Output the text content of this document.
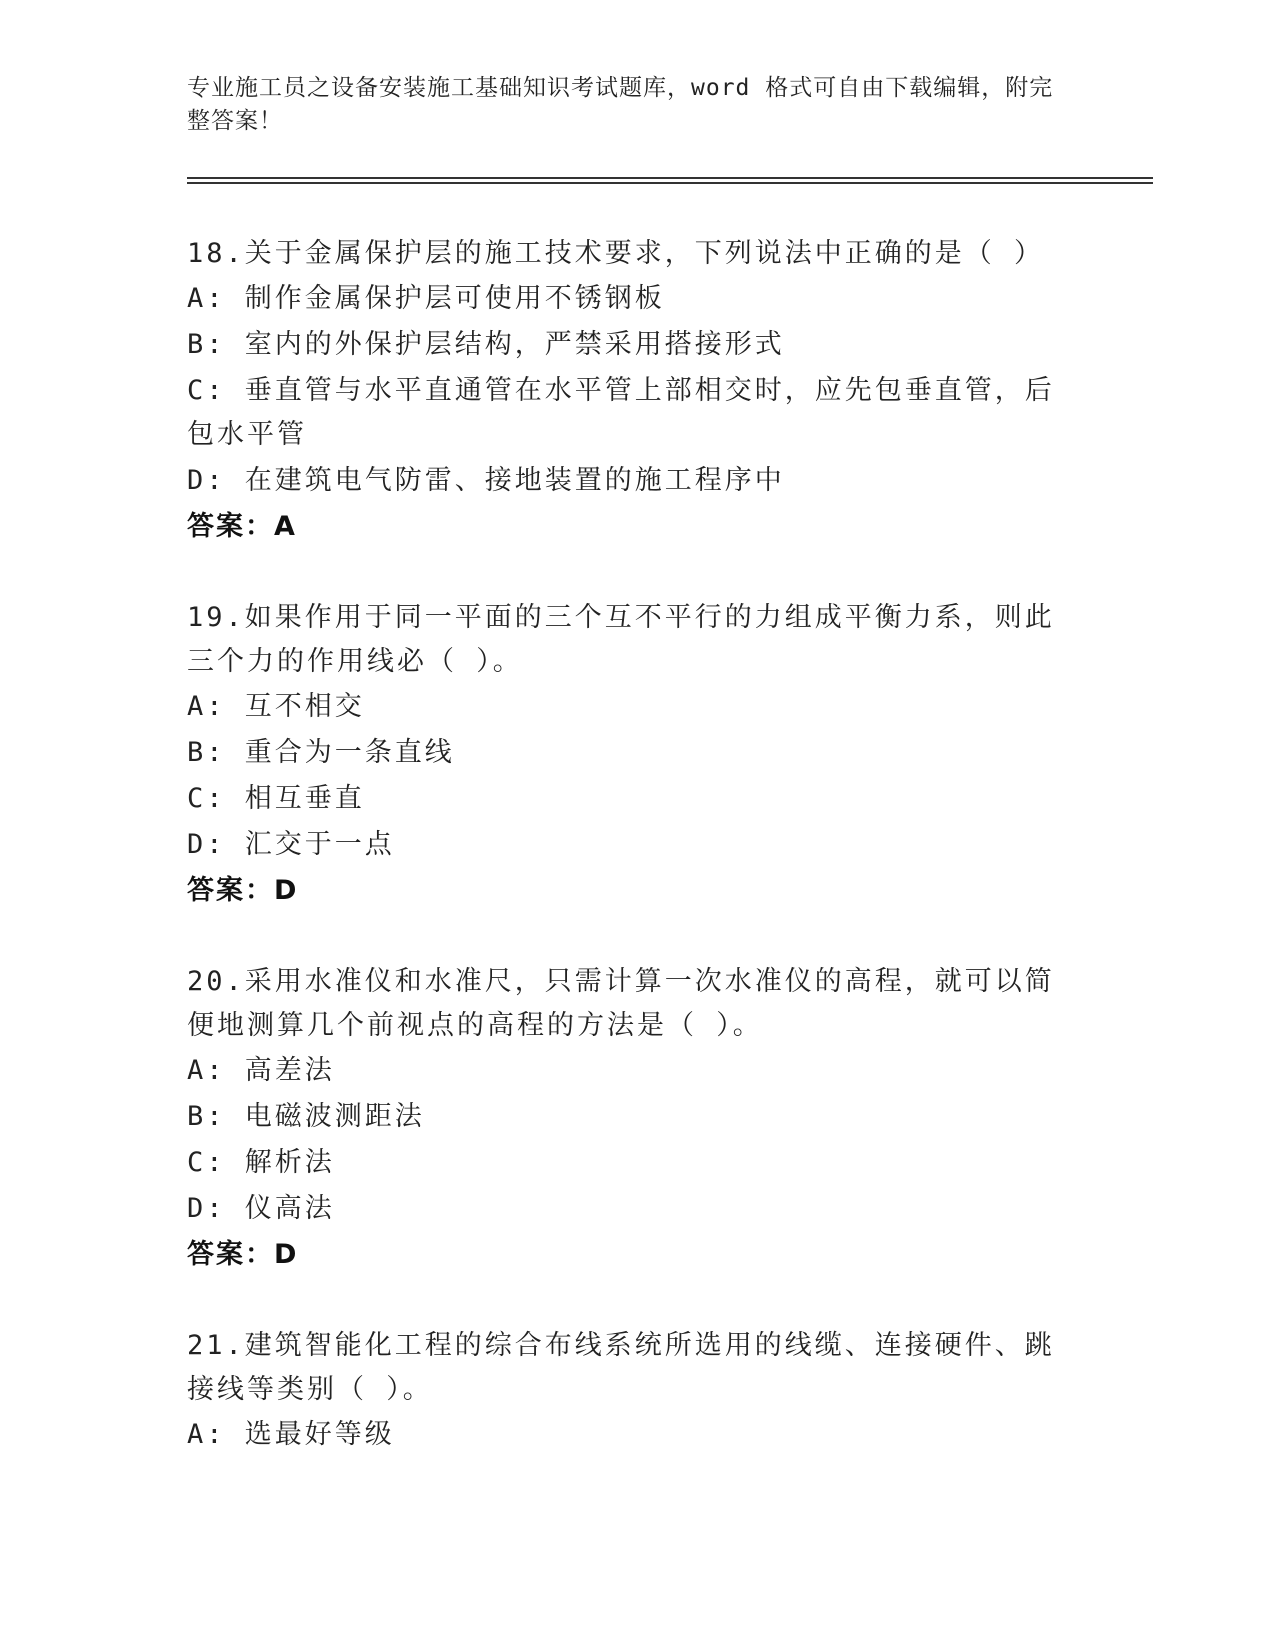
专业施工员之设备安装施工基础知识考试题库，word 格式可自由下载编辑，附完整答案！
18.关于金属保护层的施工技术要求，下列说法中正确的是（ ）
A: 制作金属保护层可使用不锈钢板
B: 室内的外保护层结构，严禁采用搭接形式
C: 垂直管与水平直通管在水平管上部相交时，应先包垂直管，后包水平管
D: 在建筑电气防雷、接地装置的施工程序中
答案：A
19.如果作用于同一平面的三个互不平行的力组成平衡力系，则此三个力的作用线必（ ）。
A: 互不相交
B: 重合为一条直线
C: 相互垂直
D: 汇交于一点
答案：D
20.采用水准仪和水准尺，只需计算一次水准仪的高程，就可以简便地测算几个前视点的高程的方法是（ ）。
A: 高差法
B: 电磁波测距法
C: 解析法
D: 仪高法
答案：D
21.建筑智能化工程的综合布线系统所选用的线缆、连接硬件、跳接线等类别（ ）。
A: 选最好等级
